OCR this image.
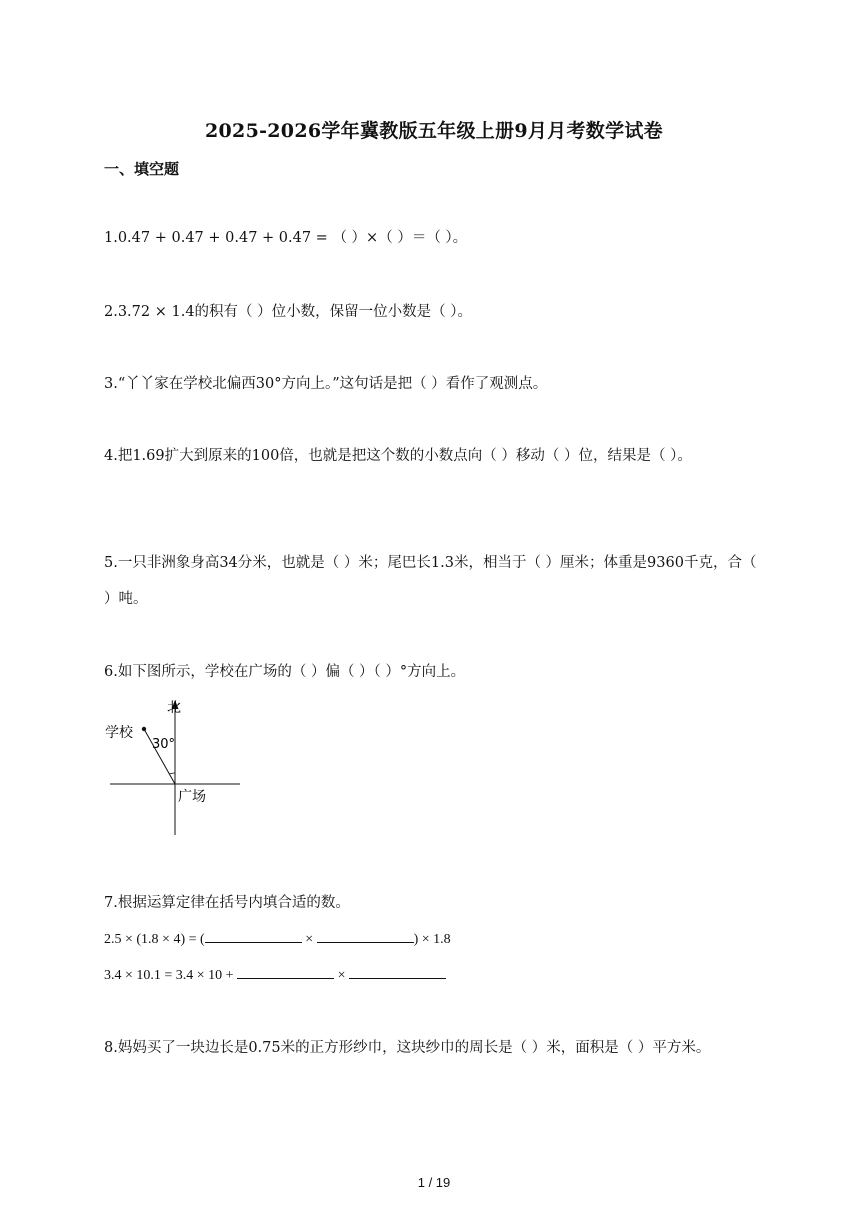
2025-2026学年冀教版五年级上册9月月考数学试卷
一、填空题
1.0.47 + 0.47 + 0.47 + 0.47 = （ ）×（ ）＝（ ）。
2.3.72 × 1.4的积有（ ）位小数，保留一位小数是（ ）。
3.“丫丫家在学校北偏西30°方向上。”这句话是把（ ）看作了观测点。
4.把1.69扩大到原来的100倍，也就是把这个数的小数点向（ ）移动（ ）位，结果是（ ）。
5.一只非洲象身高34分米，也就是（ ）米；尾巴长1.3米，相当于（ ）厘米；体重是9360千克，合（ ）吨。
6.如下图所示，学校在广场的（ ）偏（ ）（ ）°方向上。
北
学校
30°
广场
7.根据运算定律在括号内填合适的数。
2.5 × (1.8 × 4) = (	×	) × 1.8
3.4 × 10.1 = 3.4 × 10 +	×
8.妈妈买了一块边长是0.75米的正方形纱巾，这块纱巾的周长是（ ）米，面积是（ ）平方米。
1 / 19
